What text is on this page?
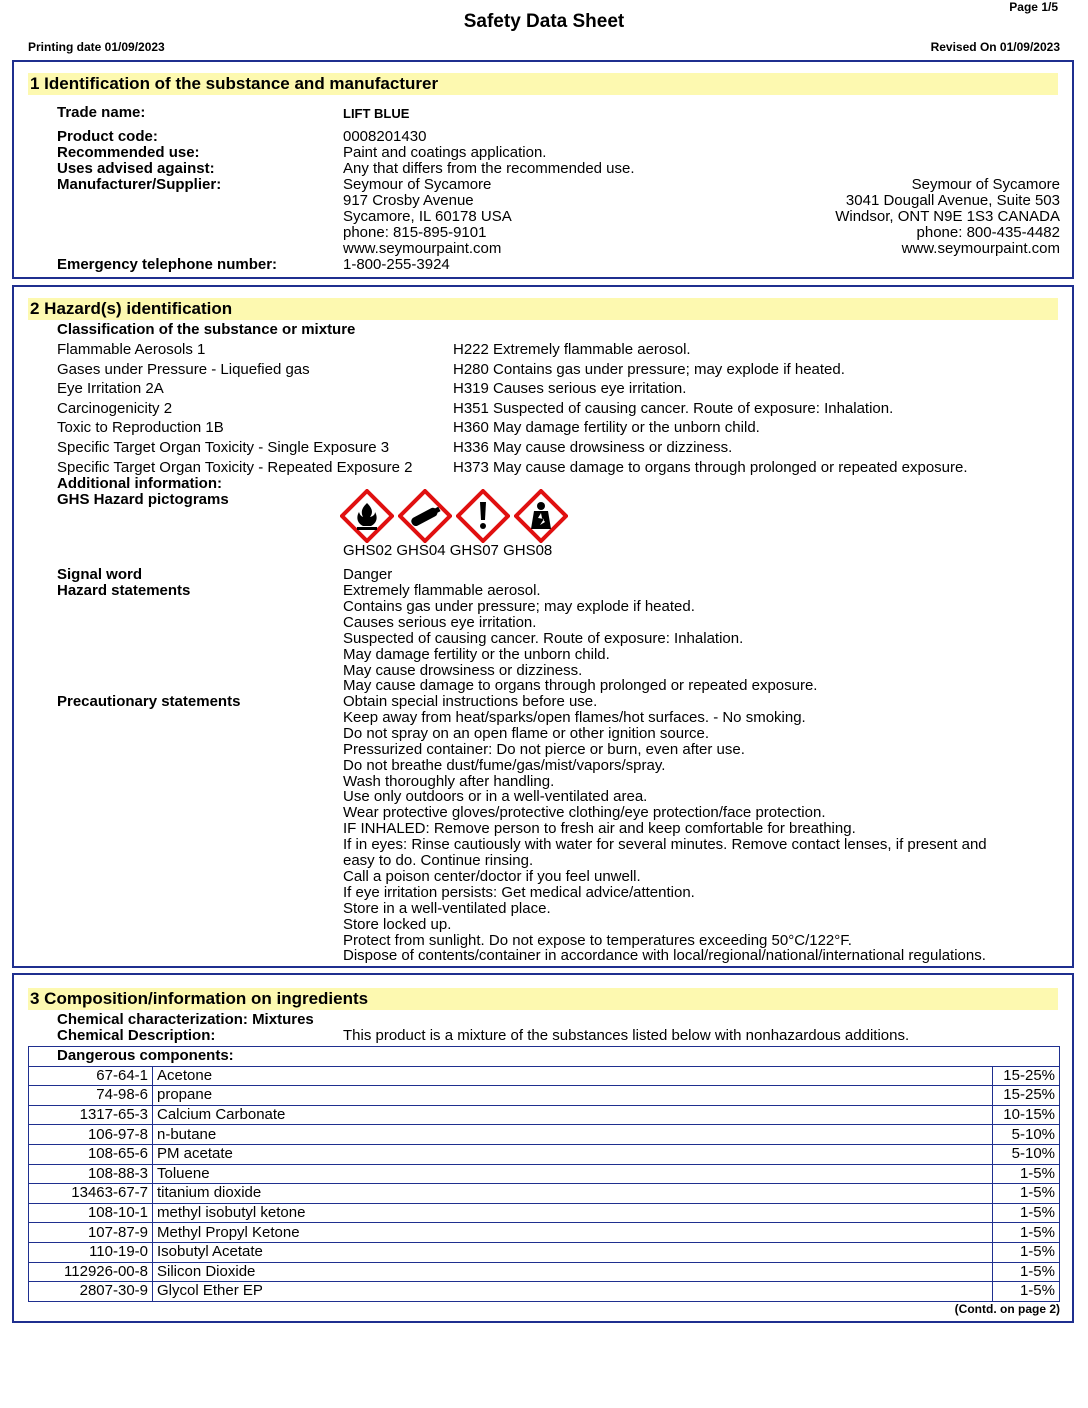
Page 1/5
Safety Data Sheet
Printing date 01/09/2023	Revised On 01/09/2023
1 Identification of the substance and manufacturer
Trade name:	LIFT BLUE
Product code:	0008201430
Recommended use:	Paint and coatings application.
Uses advised against:	Any that differs from the recommended use.
Manufacturer/Supplier:	Seymour of Sycamore
917 Crosby Avenue
Sycamore, IL 60178 USA
phone: 815-895-9101
www.seymourpaint.com
Seymour of Sycamore
3041 Dougall Avenue, Suite 503
Windsor, ONT N9E 1S3 CANADA
phone: 800-435-4482
www.seymourpaint.com
Emergency telephone number:	1-800-255-3924
2 Hazard(s) identification
Classification of the substance or mixture
Flammable Aerosols 1	H222 Extremely flammable aerosol.
Gases under Pressure - Liquefied gas	H280 Contains gas under pressure; may explode if heated.
Eye Irritation 2A	H319 Causes serious eye irritation.
Carcinogenicity 2	H351 Suspected of causing cancer. Route of exposure: Inhalation.
Toxic to Reproduction 1B	H360 May damage fertility or the unborn child.
Specific Target Organ Toxicity - Single Exposure 3	H336 May cause drowsiness or dizziness.
Specific Target Organ Toxicity - Repeated Exposure 2	H373 May cause damage to organs through prolonged or repeated exposure.
Additional information:
GHS Hazard pictograms
GHS02 GHS04 GHS07 GHS08
Signal word	Danger
Hazard statements	Extremely flammable aerosol.
Contains gas under pressure; may explode if heated.
Causes serious eye irritation.
Suspected of causing cancer. Route of exposure: Inhalation.
May damage fertility or the unborn child.
May cause drowsiness or dizziness.
May cause damage to organs through prolonged or repeated exposure.
Precautionary statements	Obtain special instructions before use.
Keep away from heat/sparks/open flames/hot surfaces. - No smoking.
Do not spray on an open flame or other ignition source.
Pressurized container: Do not pierce or burn, even after use.
Do not breathe dust/fume/gas/mist/vapors/spray.
Wash thoroughly after handling.
Use only outdoors or in a well-ventilated area.
Wear protective gloves/protective clothing/eye protection/face protection.
IF INHALED: Remove person to fresh air and keep comfortable for breathing.
If in eyes: Rinse cautiously with water for several minutes. Remove contact lenses, if present and
easy to do. Continue rinsing.
Call a poison center/doctor if you feel unwell.
If eye irritation persists: Get medical advice/attention.
Store in a well-ventilated place.
Store locked up.
Protect from sunlight. Do not expose to temperatures exceeding 50°C/122°F.
Dispose of contents/container in accordance with local/regional/national/international regulations.
3 Composition/information on ingredients
Chemical characterization: Mixtures
Chemical Description:	This product is a mixture of the substances listed below with nonhazardous additions.
Dangerous components:		
67-64-1	Acetone	15-25%
74-98-6	propane	15-25%
1317-65-3	Calcium Carbonate	10-15%
106-97-8	n-butane	5-10%
108-65-6	PM acetate	5-10%
108-88-3	Toluene	1-5%
13463-67-7	titanium dioxide	1-5%
108-10-1	methyl isobutyl ketone	1-5%
107-87-9	Methyl Propyl Ketone	1-5%
110-19-0	Isobutyl Acetate	1-5%
112926-00-8	Silicon Dioxide	1-5%
2807-30-9	Glycol Ether EP	1-5%
(Contd. on page 2)
